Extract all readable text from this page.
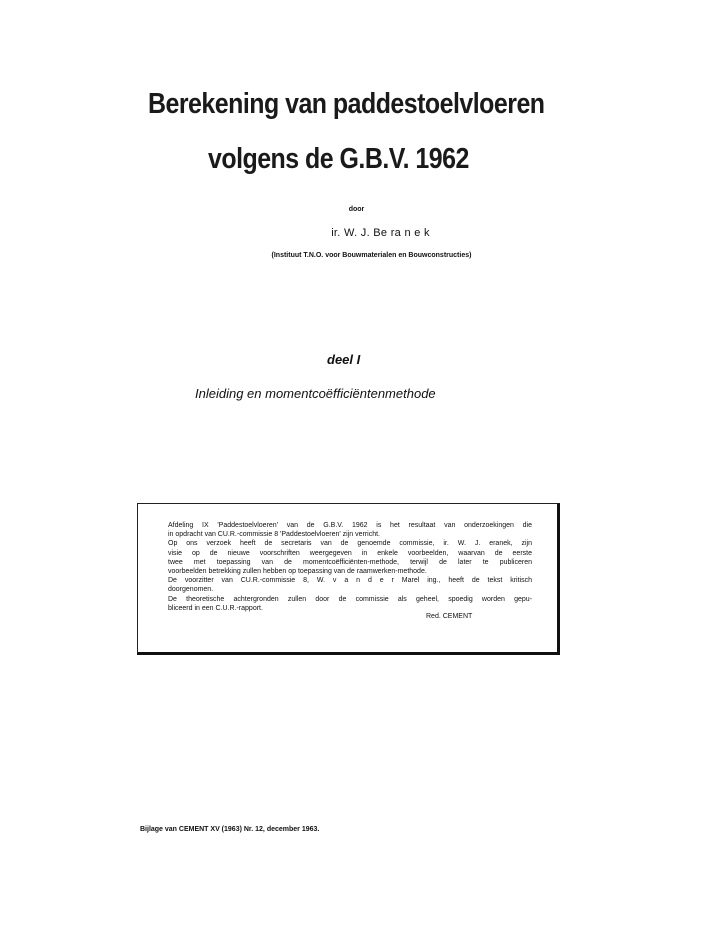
Berekening van paddestoelvloeren
volgens de G.B.V. 1962
door
ir. W. J. Be ra n e k
(Instituut T.N.O. voor Bouwmaterialen en Bouwconstructies)
deel I
Inleiding en momentcoëfficiëntenmethode
Afdeling IX 'Paddestoelvloeren' van de G.B.V. 1962 is het resultaat van onderzoekingen die
in opdracht van CU.R.-commissie 8 'Paddestoelvloeren' zijn verricht.
Op ons verzoek heeft de secretaris van de genoemde commissie, ir. W. J. eranek, zijn
visie op de nieuwe voorschriften weergegeven in enkele voorbeelden, waarvan de eerste
twee met toepassing van de momentcoëfficiënten-methode, terwijl de later te publiceren
voorbeelden betrekking zullen hebben op toepassing van de raamwerken-methode.
De voorzitter van CU.R.-commissie 8, W. v a n d e r Marel ing., heeft de tekst kritisch
doorgenomen.
De theoretische achtergronden zullen door de commissie als geheel, spoedig worden gepu-
bliceerd in een C.U.R.-rapport.
Red. CEMENT
Bijlage van CEMENT XV (1963) Nr. 12, december 1963.
